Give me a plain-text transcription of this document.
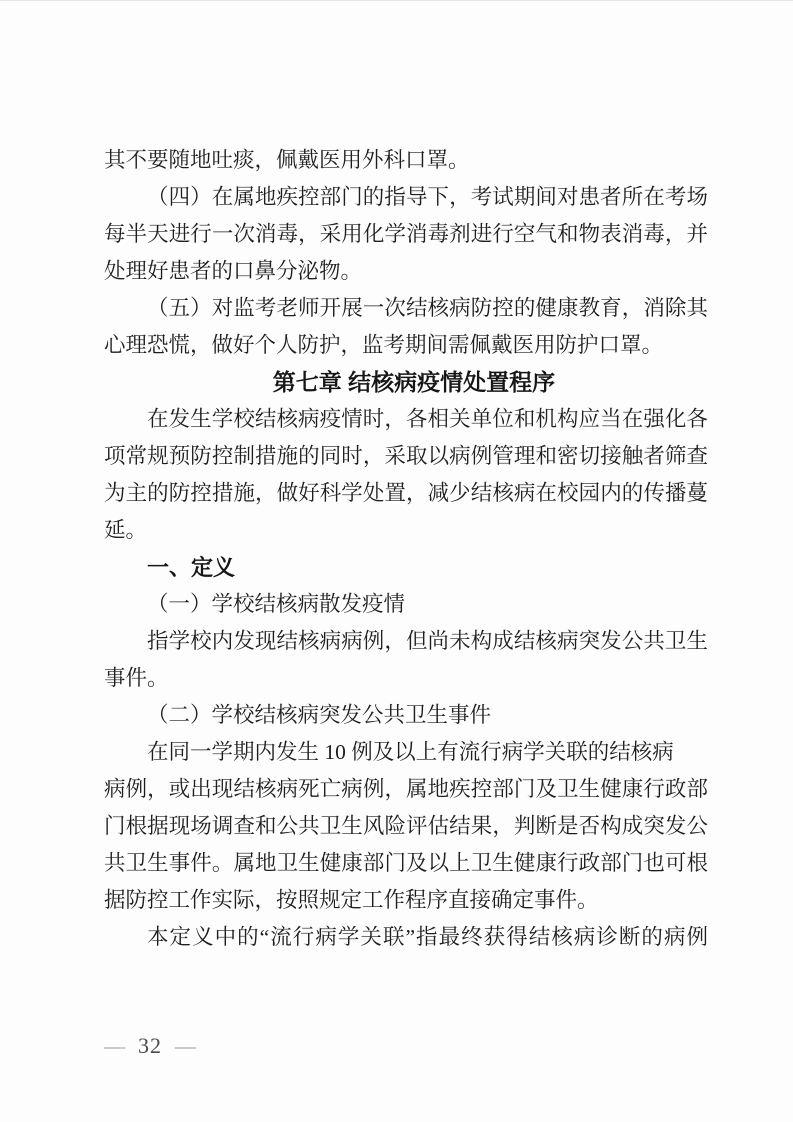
其不要随地吐痰，佩戴医用外科口罩。
（四）在属地疾控部门的指导下，考试期间对患者所在考场
每半天进行一次消毒，采用化学消毒剂进行空气和物表消毒，并
处理好患者的口鼻分泌物。
（五）对监考老师开展一次结核病防控的健康教育，消除其
心理恐慌，做好个人防护，监考期间需佩戴医用防护口罩。
第七章 结核病疫情处置程序
在发生学校结核病疫情时，各相关单位和机构应当在强化各
项常规预防控制措施的同时，采取以病例管理和密切接触者筛查
为主的防控措施，做好科学处置，减少结核病在校园内的传播蔓
延。
一、定义
（一）学校结核病散发疫情
指学校内发现结核病病例，但尚未构成结核病突发公共卫生
事件。
（二）学校结核病突发公共卫生事件
在同一学期内发生 10 例及以上有流行病学关联的结核病
病例，或出现结核病死亡病例，属地疾控部门及卫生健康行政部
门根据现场调查和公共卫生风险评估结果，判断是否构成突发公
共卫生事件。属地卫生健康部门及以上卫生健康行政部门也可根
据防控工作实际，按照规定工作程序直接确定事件。
本定义中的“流行病学关联”指最终获得结核病诊断的病例
— 32 —
